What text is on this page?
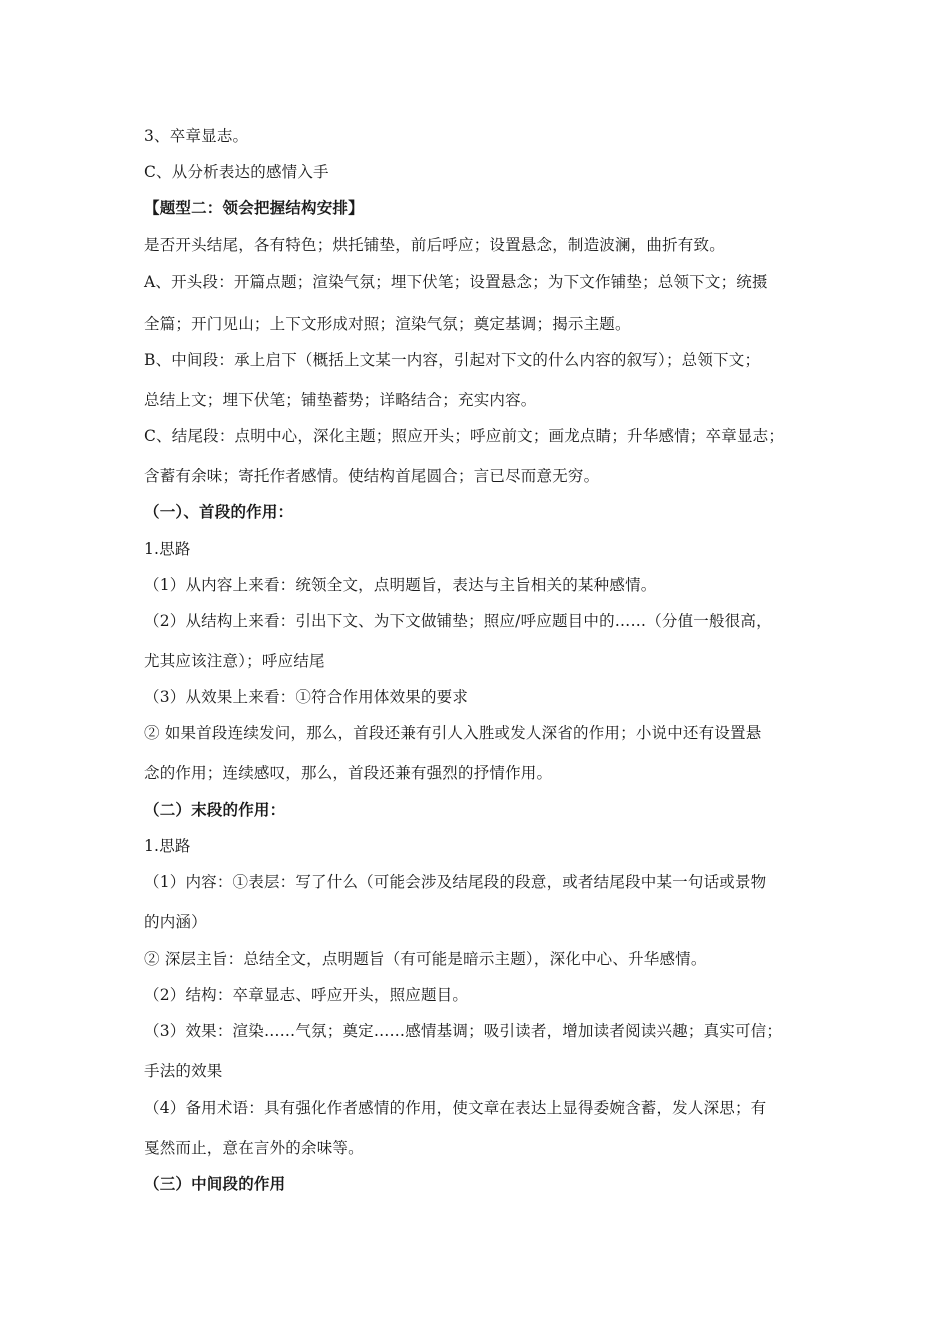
3、卒章显志。
C、从分析表达的感情入手
【题型二：领会把握结构安排】
是否开头结尾，各有特色；烘托铺垫，前后呼应；设置悬念，制造波澜，曲折有致。
A、开头段：开篇点题；渲染气氛；埋下伏笔；设置悬念；为下文作铺垫；总领下文；统摄
全篇；开门见山；上下文形成对照；渲染气氛；奠定基调；揭示主题。
B、中间段：承上启下（概括上文某一内容，引起对下文的什么内容的叙写）；总领下文；
总结上文；埋下伏笔；铺垫蓄势；详略结合；充实内容。
C、结尾段：点明中心，深化主题；照应开头；呼应前文；画龙点睛；升华感情；卒章显志；
含蓄有余味；寄托作者感情。使结构首尾圆合；言已尽而意无穷。
（一）、首段的作用：
1.思路
（1）从内容上来看：统领全文，点明题旨，表达与主旨相关的某种感情。
（2）从结构上来看：引出下文、为下文做铺垫；照应/呼应题目中的……（分值一般很高，
尤其应该注意）；呼应结尾
（3）从效果上来看：①符合作用体效果的要求
② 如果首段连续发问，那么，首段还兼有引人入胜或发人深省的作用；小说中还有设置悬
念的作用；连续感叹，那么，首段还兼有强烈的抒情作用。
（二）末段的作用：
1.思路
（1）内容：①表层：写了什么（可能会涉及结尾段的段意，或者结尾段中某一句话或景物
的内涵）
② 深层主旨：总结全文，点明题旨（有可能是暗示主题），深化中心、升华感情。
（2）结构：卒章显志、呼应开头，照应题目。
（3）效果：渲染……气氛；奠定……感情基调；吸引读者，增加读者阅读兴趣；真实可信；
手法的效果
（4）备用术语：具有强化作者感情的作用，使文章在表达上显得委婉含蓄，发人深思；有
戛然而止，意在言外的余味等。
（三）中间段的作用
